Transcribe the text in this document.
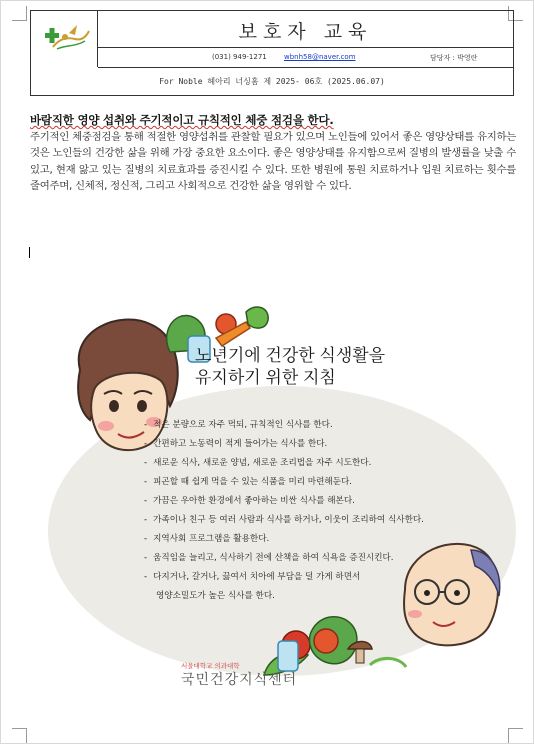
보호자 교육
(031) 949-1271 wbnh58@naver.com	담당자 : 박영란
For Noble 헤아리 너싱홈 제 2025- 06호 (2025.06.07)
바람직한 영양 섭취와 주기적이고 규칙적인 체중 점검을 한다.
주기적인 체중점검을 통해 적절한 영양섭취를 관찰할 필요가 있으며 노인들에 있어서 좋은 영양상태를 유지하는 것은 노인들의 건강한 삶을 위해 가장 중요한 요소이다. 좋은 영양상태를 유지함으로써 질병의 발생률을 낮출 수 있고, 현재 앓고 있는 질병의 치료효과를 증진시킬 수 있다. 또한 병원에 통원 치료하거나 입원 치료하는 횟수를 줄여주며, 신체적, 정신적, 그리고 사회적으로 건강한 삶을 영위할 수 있다.
노년기에 건강한 식생활을
유지하기 위한 지침
- 적은 분량으로 자주 먹되, 규칙적인 식사를 한다.
- 간편하고 노동력이 적게 들어가는 식사를 한다.
- 새로운 식사, 새로운 양념, 새로운 조리법을 자주 시도한다.
- 피곤할 때 쉽게 먹을 수 있는 식품을 미리 마련해둔다.
- 가끔은 우아한 환경에서 좋아하는 비싼 식사를 해본다.
- 가족이나 친구 등 여러 사람과 식사를 하거나, 이웃이 조리하여 식사한다.
- 지역사회 프로그램을 활용한다.
- 움직임을 늘리고, 식사하기 전에 산책을 하여 식욕을 증진시킨다.
- 다지거나, 갈거나, 끓여서 치아에 부담을 덜 가게 하면서
영양소밀도가 높은 식사를 한다.
서울대학교 의과대학
국민건강지식센터
